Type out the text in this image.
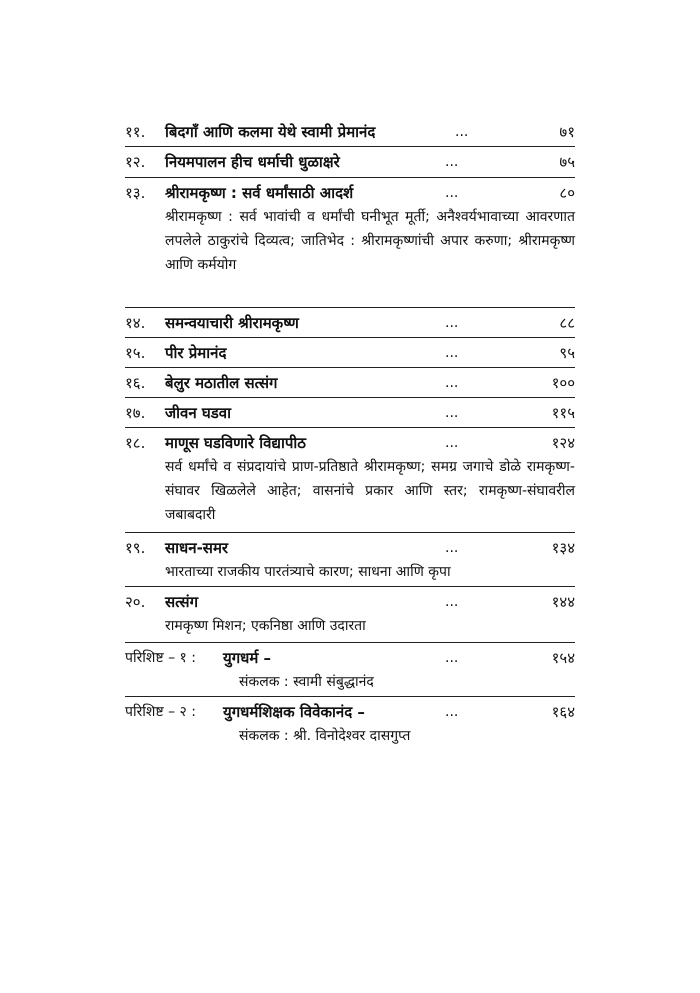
११. बिदगाँ आणि कलमा येथे स्वामी प्रेमानंद	...	७१
१२. नियमपालन हीच धर्माची धुळाक्षरे	...	७५
१३. श्रीरामकृष्ण : सर्व धर्मांसाठी आदर्श	...	८०
श्रीरामकृष्ण : सर्व भावांची व धर्मांची घनीभूत मूर्ती; अनैश्वर्यभावाच्या आवरणात लपलेले ठाकुरांचे दिव्यत्व; जातिभेद : श्रीरामकृष्णांची अपार करुणा; श्रीरामकृष्ण आणि कर्मयोग
१४. समन्वयाचारी श्रीरामकृष्ण	...	८८
१५. पीर प्रेमानंद	...	९५
१६. बेलुर मठातील सत्संग	...	१००
१७. जीवन घडवा	...	११५
१८. माणूस घडविणारे विद्यापीठ	...	१२४
सर्व धर्मांचे व संप्रदायांचे प्राण-प्रतिष्ठाते श्रीरामकृष्ण; समग्र जगाचे डोळे रामकृष्ण-संघावर खिळलेले आहेत; वासनांचे प्रकार आणि स्तर; रामकृष्ण-संघावरील जबाबदारी
१९. साधन-समर	...	१३४
भारताच्या राजकीय पारतंत्र्याचे कारण; साधना आणि कृपा
२०. सत्संग	...	१४४
रामकृष्ण मिशन; एकनिष्ठा आणि उदारता
परिशिष्ट – १ : युगधर्म –	...	१५४
संकलक : स्वामी संबुद्धानंद
परिशिष्ट – २ : युगधर्मशिक्षक विवेकानंद –	...	१६४
संकलक : श्री. विनोदेश्वर दासगुप्त
